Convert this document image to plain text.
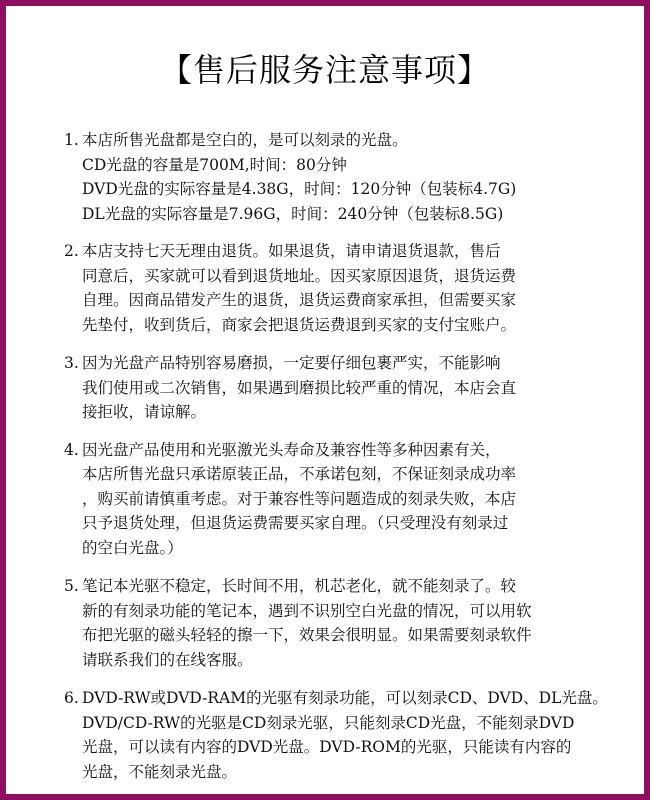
【售后服务注意事项】
1. 本店所售光盘都是空白的，是可以刻录的光盘。
CD光盘的容量是700M,时间：80分钟
DVD光盘的实际容量是4.38G，时间：120分钟（包装标4.7G)
DL光盘的实际容量是7.96G，时间：240分钟（包装标8.5G)
2. 本店支持七天无理由退货。如果退货，请申请退货退款，售后
同意后，买家就可以看到退货地址。因买家原因退货，退货运费
自理。因商品错发产生的退货，退货运费商家承担，但需要买家
先垫付，收到货后，商家会把退货运费退到买家的支付宝账户。
3. 因为光盘产品特别容易磨损，一定要仔细包裹严实，不能影响
我们使用或二次销售，如果遇到磨损比较严重的情况，本店会直
接拒收，请谅解。
4. 因光盘产品使用和光驱激光头寿命及兼容性等多种因素有关，
本店所售光盘只承诺原装正品，不承诺包刻，不保证刻录成功率
，购买前请慎重考虑。对于兼容性等问题造成的刻录失败，本店
只予退货处理，但退货运费需要买家自理。（只受理没有刻录过
的空白光盘。）
5. 笔记本光驱不稳定，长时间不用，机芯老化，就不能刻录了。较
新的有刻录功能的笔记本，遇到不识别空白光盘的情况，可以用软
布把光驱的磁头轻轻的擦一下，效果会很明显。如果需要刻录软件
请联系我们的在线客服。
6. DVD-RW或DVD-RAM的光驱有刻录功能，可以刻录CD、DVD、DL光盘。
DVD/CD-RW的光驱是CD刻录光驱，只能刻录CD光盘，不能刻录DVD
光盘，可以读有内容的DVD光盘。DVD-ROM的光驱，只能读有内容的
光盘，不能刻录光盘。
